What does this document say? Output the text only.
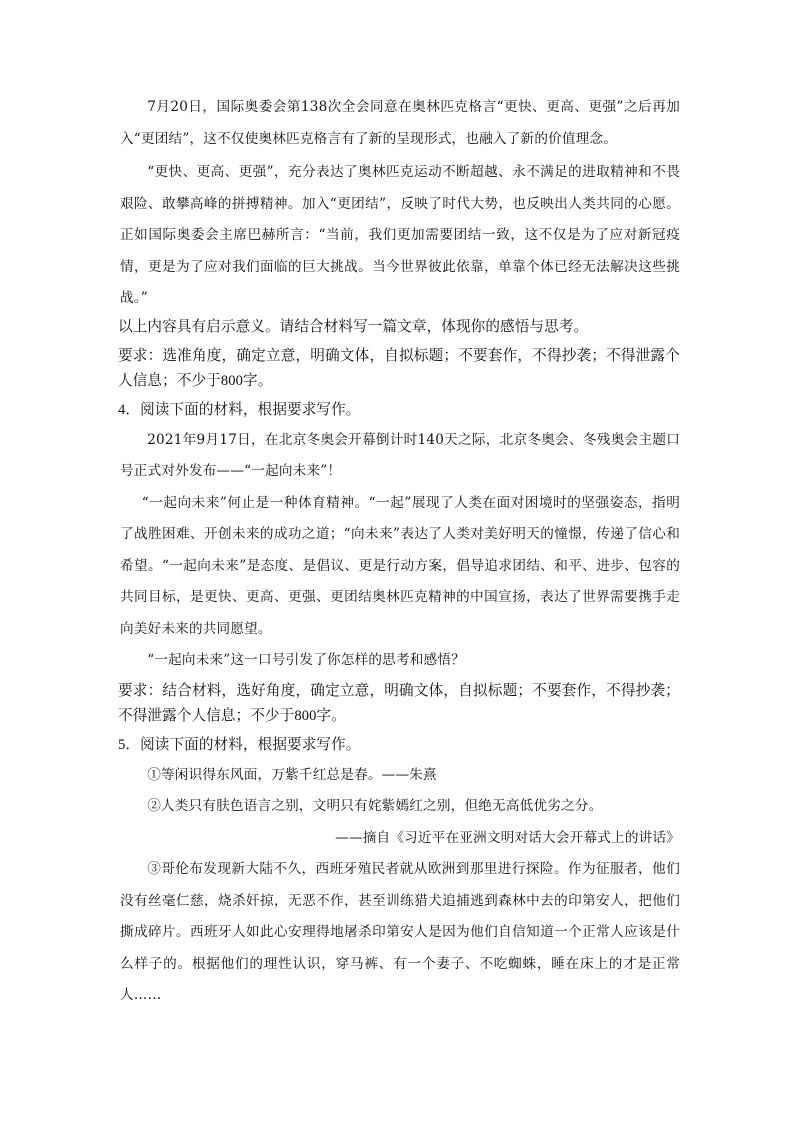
7月20日，国际奥委会第138次全会同意在奥林匹克格言“更快、更高、更强”之后再加入“更团结”，这不仅使奥林匹克格言有了新的呈现形式，也融入了新的价值理念。

“更快、更高、更强”，充分表达了奥林匹克运动不断超越、永不满足的进取精神和不畏艰险、敢攀高峰的拼搏精神。加入“更团结”，反映了时代大势，也反映出人类共同的心愿。正如国际奥委会主席巴赫所言：“当前，我们更加需要团结一致，这不仅是为了应对新冠疫情，更是为了应对我们面临的巨大挑战。当今世界彼此依靠，单靠个体已经无法解决这些挑战。”

以上内容具有启示意义。请结合材料写一篇文章，体现你的感悟与思考。

要求：选准角度，确定立意，明确文体，自拟标题；不要套作，不得抄袭；不得泄露个人信息；不少于800字。

4．阅读下面的材料，根据要求写作。

2021年9月17日，在北京冬奥会开幕倒计时140天之际，北京冬奥会、冬残奥会主题口号正式对外发布——“一起向未来”！

“一起向未来”何止是一种体育精神。“一起”展现了人类在面对困境时的坚强姿态，指明了战胜困难、开创未来的成功之道；“向未来”表达了人类对美好明天的憧憬，传递了信心和希望。“一起向未来”是态度、是倡议、更是行动方案，倡导追求团结、和平、进步、包容的共同目标，是更快、更高、更强、更团结奥林匹克精神的中国宣扬，表达了世界需要携手走向美好未来的共同愿望。

“一起向未来”这一口号引发了你怎样的思考和感悟？

要求：结合材料，选好角度，确定立意，明确文体，自拟标题；不要套作，不得抄袭；不得泄露个人信息；不少于800字。

5．阅读下面的材料，根据要求写作。

①等闲识得东风面，万紫千红总是春。——朱熹

②人类只有肤色语言之别，文明只有姹紫嫣红之别，但绝无高低优劣之分。

——摘自《习近平在亚洲文明对话大会开幕式上的讲话》

③哥伦布发现新大陆不久，西班牙殖民者就从欧洲到那里进行探险。作为征服者，他们没有丝毫仁慈，烧杀奸掠，无恶不作，甚至训练猎犬追捕逃到森林中去的印第安人，把他们撕成碎片。西班牙人如此心安理得地屠杀印第安人是因为他们自信知道一个正常人应该是什么样子的。根据他们的理性认识，穿马裤、有一个妻子、不吃蜘蛛，睡在床上的才是正常人……
